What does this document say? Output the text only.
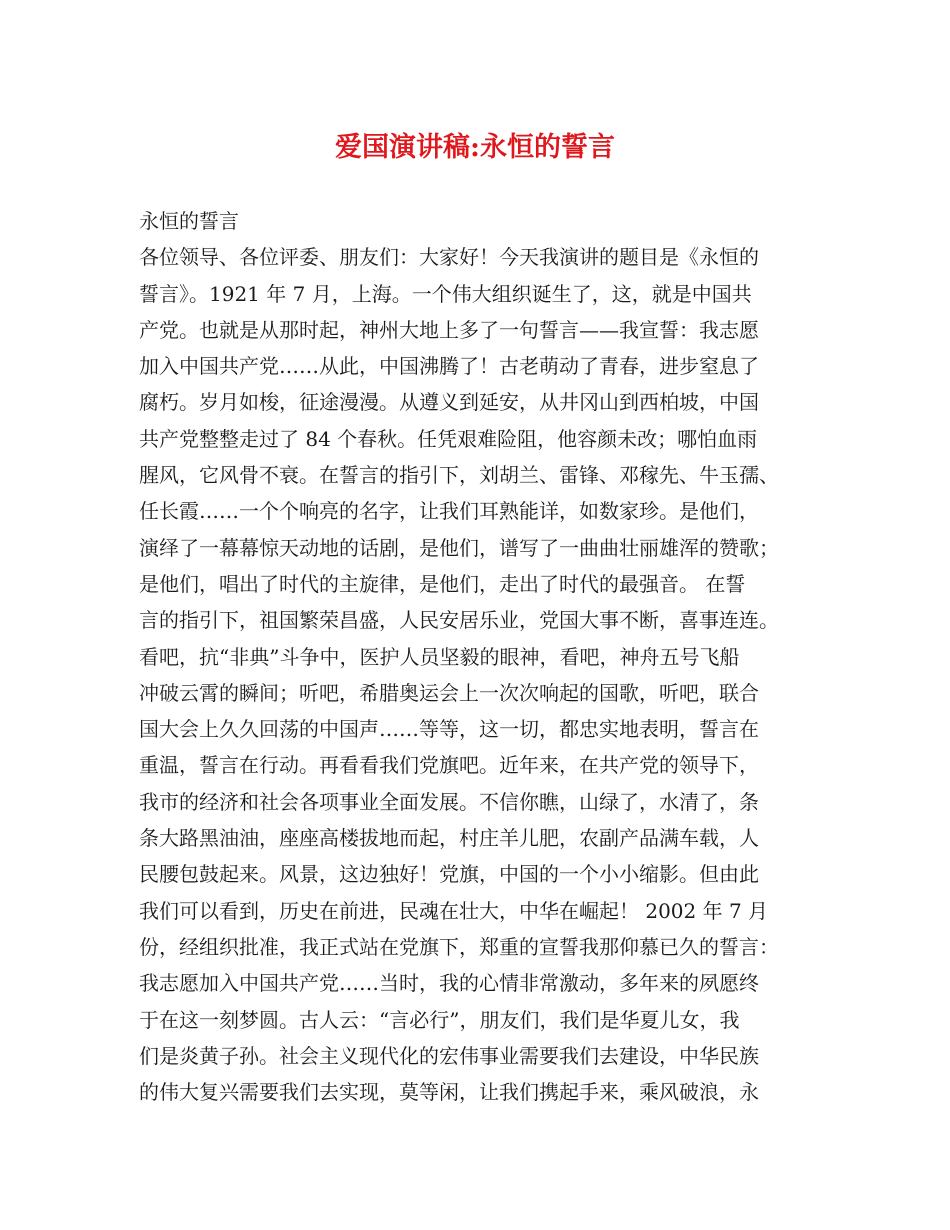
爱国演讲稿:永恒的誓言
永恒的誓言
各位领导、各位评委、朋友们：大家好！今天我演讲的题目是《永恒的
誓言》。1921 年 7 月，上海。一个伟大组织诞生了，这，就是中国共
产党。也就是从那时起，神州大地上多了一句誓言——我宣誓：我志愿
加入中国共产党……从此，中国沸腾了！古老萌动了青春，进步窒息了
腐朽。岁月如梭，征途漫漫。从遵义到延安，从井冈山到西柏坡，中国
共产党整整走过了 84 个春秋。任凭艰难险阻，他容颜未改；哪怕血雨
腥风，它风骨不衰。在誓言的指引下，刘胡兰、雷锋、邓稼先、牛玉孺、
任长霞……一个个响亮的名字，让我们耳熟能详，如数家珍。是他们，
演绎了一幕幕惊天动地的话剧，是他们，谱写了一曲曲壮丽雄浑的赞歌；
是他们，唱出了时代的主旋律，是他们，走出了时代的最强音。 在誓
言的指引下，祖国繁荣昌盛，人民安居乐业，党国大事不断，喜事连连。
看吧，抗“非典”斗争中，医护人员坚毅的眼神，看吧，神舟五号飞船
冲破云霄的瞬间；听吧，希腊奥运会上一次次响起的国歌，听吧，联合
国大会上久久回荡的中国声……等等，这一切，都忠实地表明，誓言在
重温，誓言在行动。再看看我们党旗吧。近年来，在共产党的领导下，
我市的经济和社会各项事业全面发展。不信你瞧，山绿了，水清了，条
条大路黑油油，座座高楼拔地而起，村庄羊儿肥，农副产品满车载，人
民腰包鼓起来。风景，这边独好！党旗，中国的一个小小缩影。但由此
我们可以看到，历史在前进，民魂在壮大，中华在崛起！ 2002 年 7 月
份，经组织批准，我正式站在党旗下，郑重的宣誓我那仰慕已久的誓言：
我志愿加入中国共产党……当时，我的心情非常激动，多年来的夙愿终
于在这一刻梦圆。古人云：“言必行”，朋友们，我们是华夏儿女，我
们是炎黄子孙。社会主义现代化的宏伟事业需要我们去建设，中华民族
的伟大复兴需要我们去实现，莫等闲，让我们携起手来，乘风破浪，永
